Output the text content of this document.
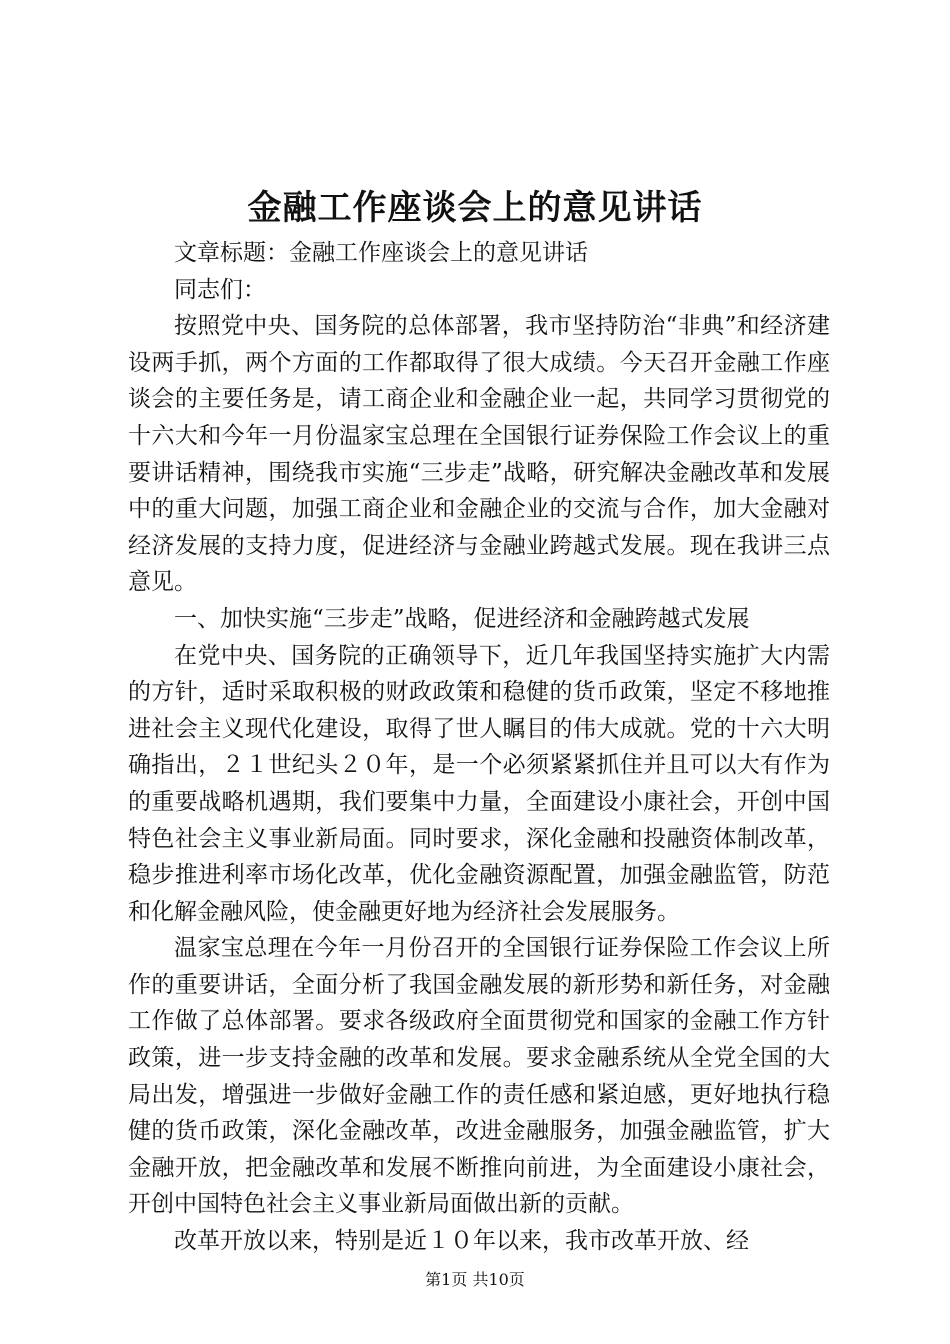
金融工作座谈会上的意见讲话

文章标题：金融工作座谈会上的意见讲话

同志们：

按照党中央、国务院的总体部署，我市坚持防治“非典”和经济建设两手抓，两个方面的工作都取得了很大成绩。今天召开金融工作座谈会的主要任务是，请工商企业和金融企业一起，共同学习贯彻党的十六大和今年一月份温家宝总理在全国银行证券保险工作会议上的重要讲话精神，围绕我市实施“三步走”战略，研究解决金融改革和发展中的重大问题，加强工商企业和金融企业的交流与合作，加大金融对经济发展的支持力度，促进经济与金融业跨越式发展。现在我讲三点意见。

一、加快实施“三步走”战略，促进经济和金融跨越式发展

在党中央、国务院的正确领导下，近几年我国坚持实施扩大内需的方针，适时采取积极的财政政策和稳健的货币政策，坚定不移地推进社会主义现代化建设，取得了世人瞩目的伟大成就。党的十六大明确指出，２１世纪头２０年，是一个必须紧紧抓住并且可以大有作为的重要战略机遇期，我们要集中力量，全面建设小康社会，开创中国特色社会主义事业新局面。同时要求，深化金融和投融资体制改革，稳步推进利率市场化改革，优化金融资源配置，加强金融监管，防范和化解金融风险，使金融更好地为经济社会发展服务。

温家宝总理在今年一月份召开的全国银行证券保险工作会议上所作的重要讲话，全面分析了我国金融发展的新形势和新任务，对金融工作做了总体部署。要求各级政府全面贯彻党和国家的金融工作方针政策，进一步支持金融的改革和发展。要求金融系统从全党全国的大局出发，增强进一步做好金融工作的责任感和紧迫感，更好地执行稳健的货币政策，深化金融改革，改进金融服务，加强金融监管，扩大金融开放，把金融改革和发展不断推向前进，为全面建设小康社会，开创中国特色社会主义事业新局面做出新的贡献。

改革开放以来，特别是近１０年以来，我市改革开放、经

第1页 共10页
